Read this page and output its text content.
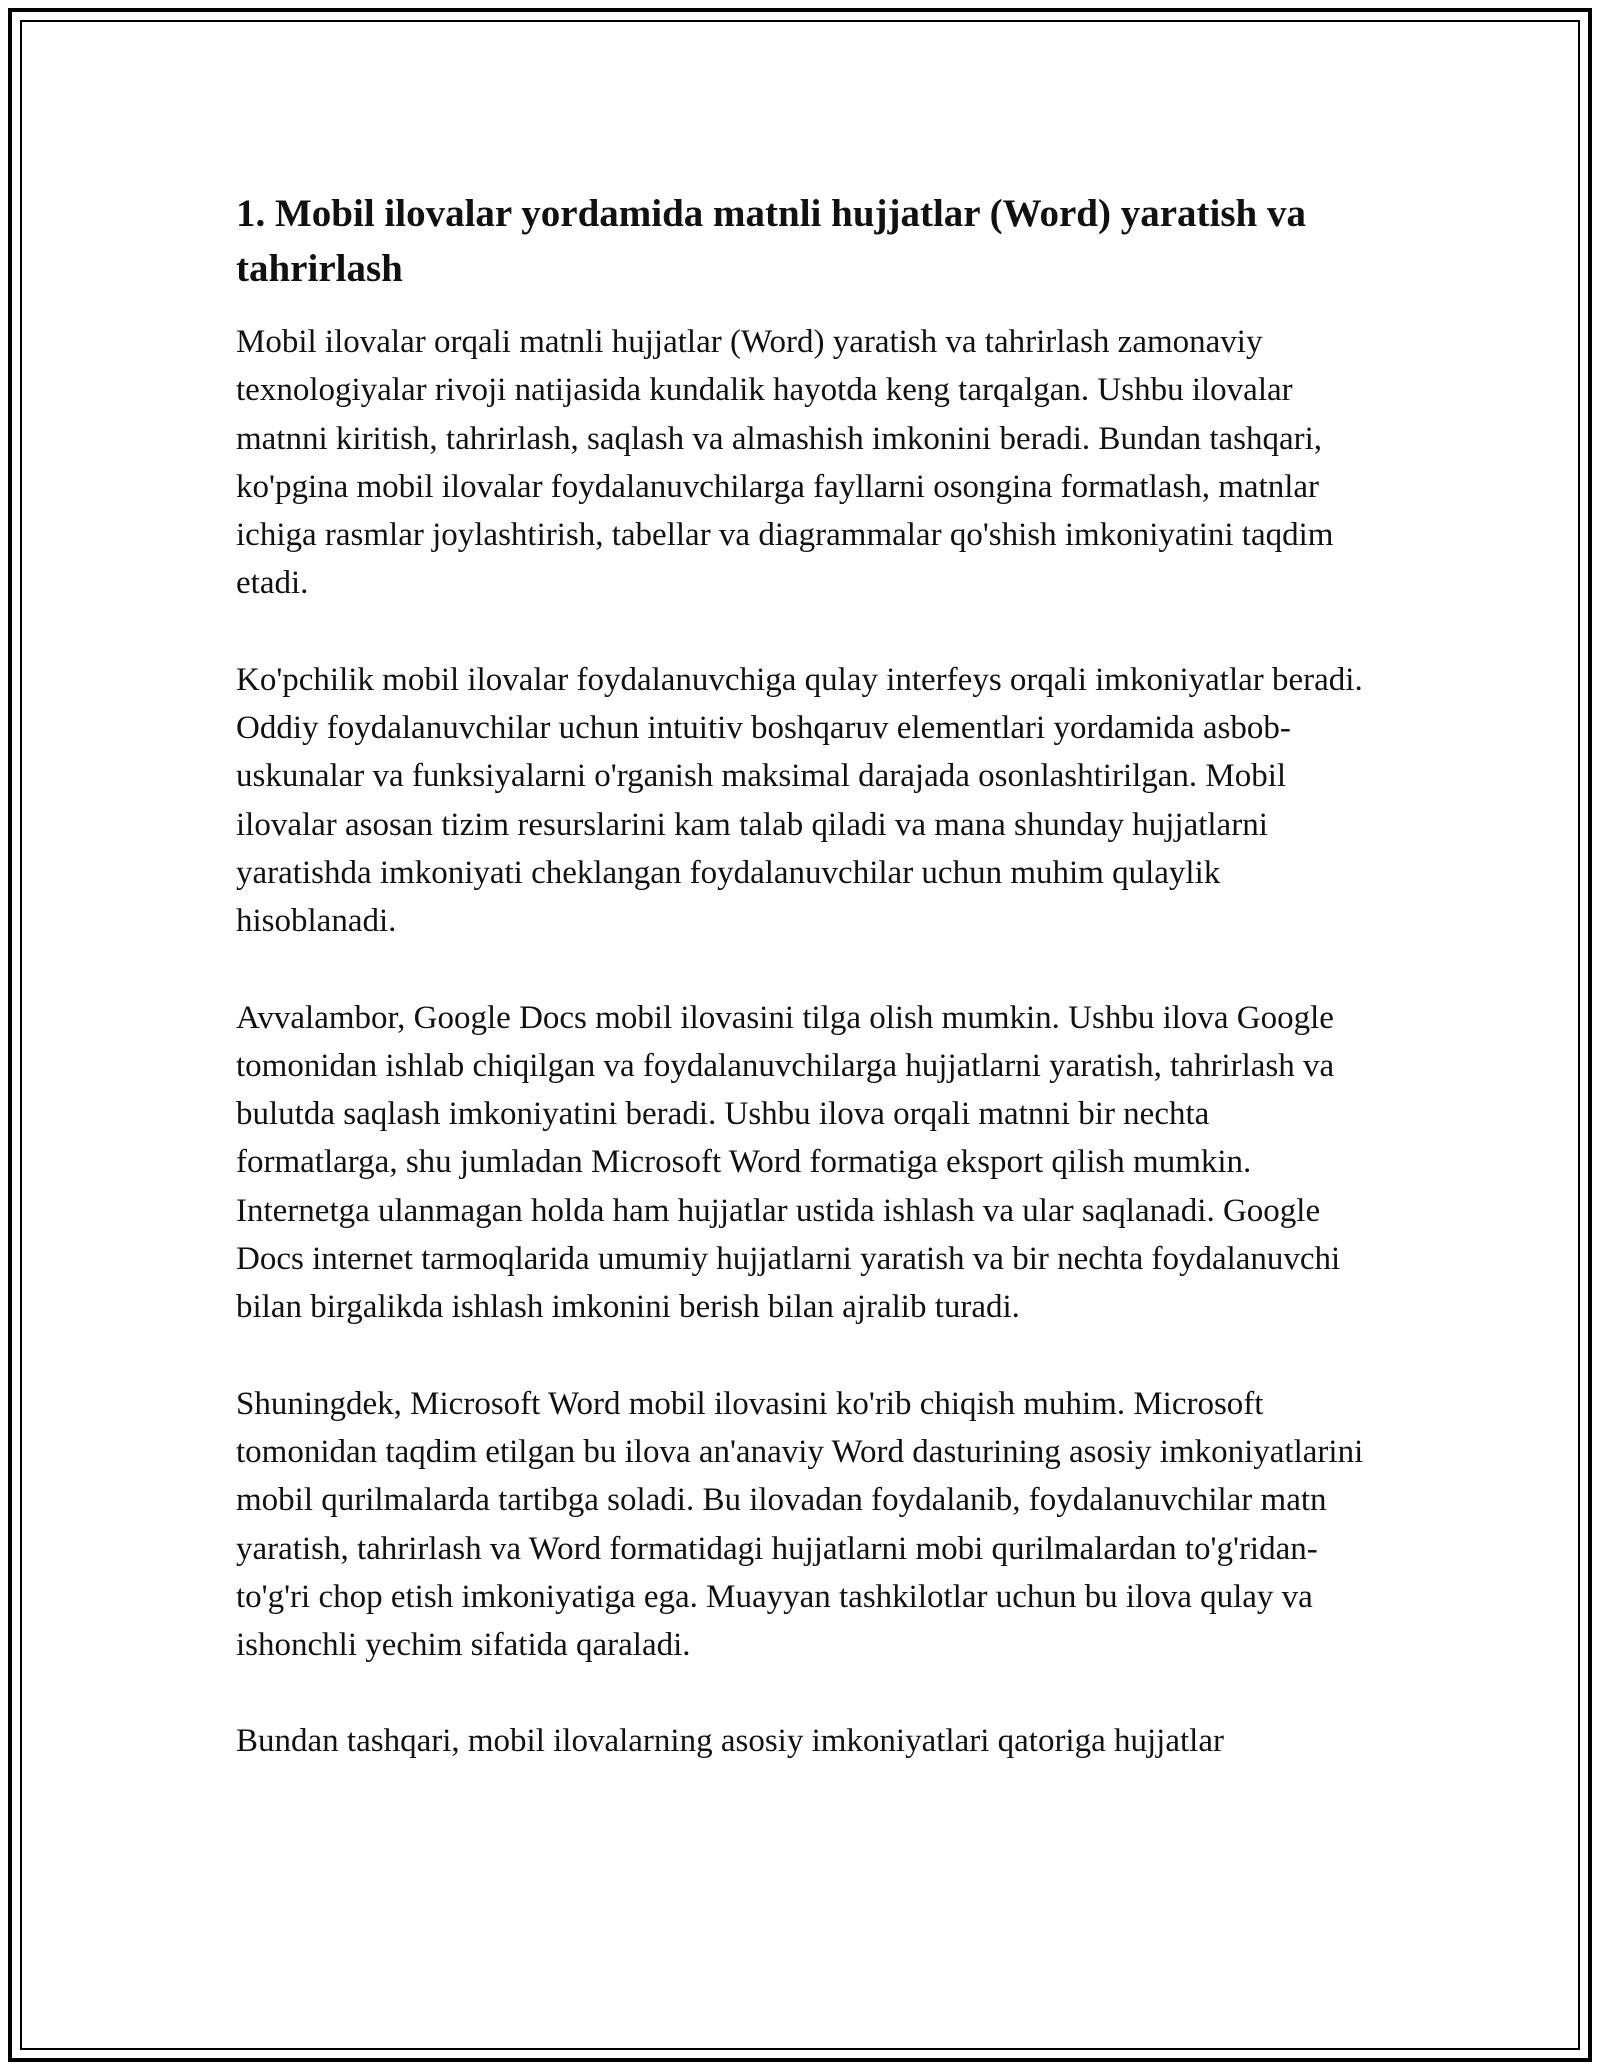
1. Mobil ilovalar yordamida matnli hujjatlar (Word) yaratish va tahrirlash
Mobil ilovalar orqali matnli hujjatlar (Word) yaratish va tahrirlash zamonaviy texnologiyalar rivoji natijasida kundalik hayotda keng tarqalgan. Ushbu ilovalar matnni kiritish, tahrirlash, saqlash va almashish imkonini beradi. Bundan tashqari, ko'pgina mobil ilovalar foydalanuvchilarga fayllarni osongina formatlash, matnlar ichiga rasmlar joylashtirish, tabellar va diagrammalar qo'shish imkoniyatini taqdim etadi.
Ko'pchilik mobil ilovalar foydalanuvchiga qulay interfeys orqali imkoniyatlar beradi. Oddiy foydalanuvchilar uchun intuitiv boshqaruv elementlari yordamida asbob-uskunalar va funksiyalarni o'rganish maksimal darajada osonlashtirilgan. Mobil ilovalar asosan tizim resurslarini kam talab qiladi va mana shunday hujjatlarni yaratishda imkoniyati cheklangan foydalanuvchilar uchun muhim qulaylik hisoblanadi.
Avvalambor, Google Docs mobil ilovasini tilga olish mumkin. Ushbu ilova Google tomonidan ishlab chiqilgan va foydalanuvchilarga hujjatlarni yaratish, tahrirlash va bulutda saqlash imkoniyatini beradi. Ushbu ilova orqali matnni bir nechta formatlarga, shu jumladan Microsoft Word formatiga eksport qilish mumkin. Internetga ulanmagan holda ham hujjatlar ustida ishlash va ular saqlanadi. Google Docs internet tarmoqlarida umumiy hujjatlarni yaratish va bir nechta foydalanuvchi bilan birgalikda ishlash imkonini berish bilan ajralib turadi.
Shuningdek, Microsoft Word mobil ilovasini ko'rib chiqish muhim. Microsoft tomonidan taqdim etilgan bu ilova an'anaviy Word dasturining asosiy imkoniyatlarini mobil qurilmalarda tartibga soladi. Bu ilovadan foydalanib, foydalanuvchilar matn yaratish, tahrirlash va Word formatidagi hujjatlarni mobi qurilmalardan to'g'ridan-to'g'ri chop etish imkoniyatiga ega. Muayyan tashkilotlar uchun bu ilova qulay va ishonchli yechim sifatida qaraladi.
Bundan tashqari, mobil ilovalarning asosiy imkoniyatlari qatoriga hujjatlar
